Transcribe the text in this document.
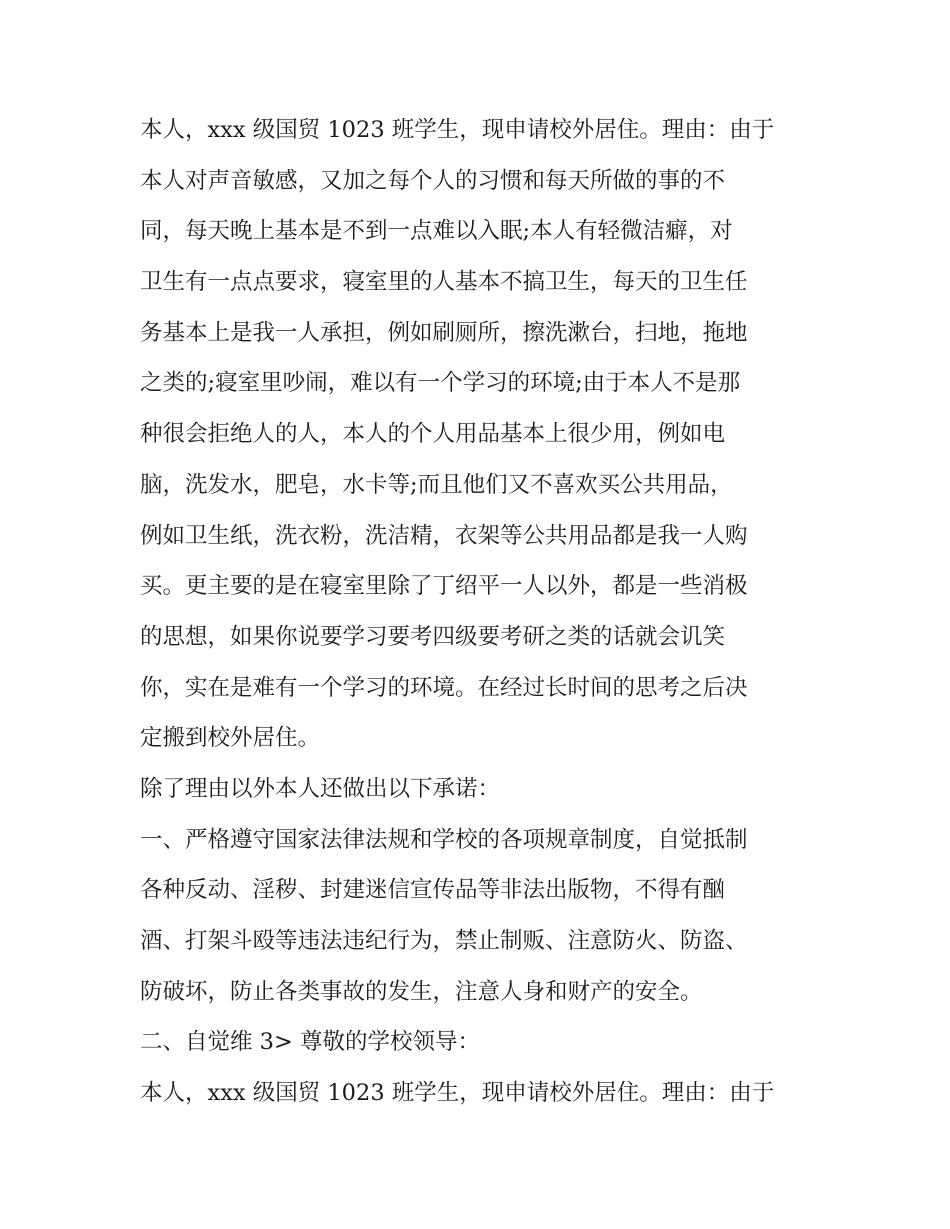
本人，xxx 级国贸 1023 班学生，现申请校外居住。理由：由于
本人对声音敏感，又加之每个人的习惯和每天所做的事的不
同，每天晚上基本是不到一点难以入眠;本人有轻微洁癖，对
卫生有一点点要求，寝室里的人基本不搞卫生，每天的卫生任
务基本上是我一人承担，例如刷厕所，擦洗漱台，扫地，拖地
之类的;寝室里吵闹，难以有一个学习的环境;由于本人不是那
种很会拒绝人的人，本人的个人用品基本上很少用，例如电
脑，洗发水，肥皂，水卡等;而且他们又不喜欢买公共用品，
例如卫生纸，洗衣粉，洗洁精，衣架等公共用品都是我一人购
买。更主要的是在寝室里除了丁绍平一人以外，都是一些消极
的思想，如果你说要学习要考四级要考研之类的话就会讥笑
你，实在是难有一个学习的环境。在经过长时间的思考之后决
定搬到校外居住。
除了理由以外本人还做出以下承诺：
一、严格遵守国家法律法规和学校的各项规章制度，自觉抵制
各种反动、淫秽、封建迷信宣传品等非法出版物，不得有酗
酒、打架斗殴等违法违纪行为，禁止制贩、注意防火、防盗、
防破坏，防止各类事故的发生，注意人身和财产的安全。
二、自觉维 3> 尊敬的学校领导：
本人，xxx 级国贸 1023 班学生，现申请校外居住。理由：由于
